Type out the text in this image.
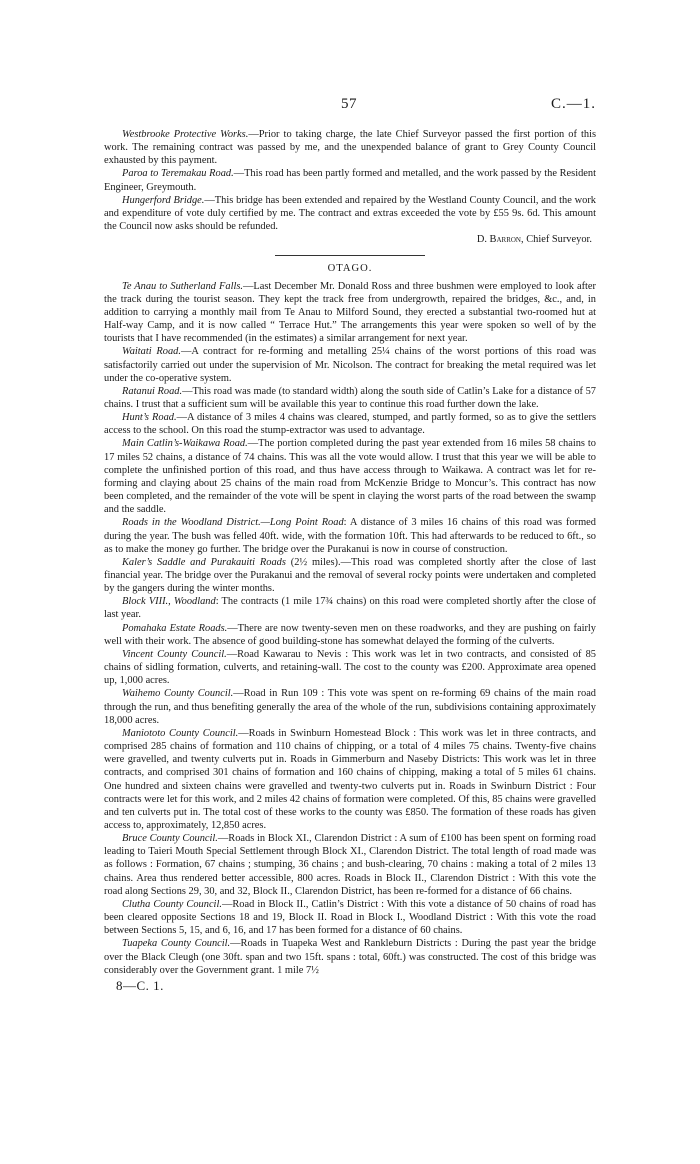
57	C.—1.

Westbrooke Protective Works.—Prior to taking charge, the late Chief Surveyor passed the first portion of this work. The remaining contract was passed by me, and the unexpended balance of grant to Grey County Council exhausted by this payment.

Paroa to Teremakau Road.—This road has been partly formed and metalled, and the work passed by the Resident Engineer, Greymouth.

Hungerford Bridge.—This bridge has been extended and repaired by the Westland County Council, and the work and expenditure of vote duly certified by me. The contract and extras exceeded the vote by £55 9s. 6d. This amount the Council now asks should be refunded.

D. Barron, Chief Surveyor.

OTAGO.

Te Anau to Sutherland Falls.—Last December Mr. Donald Ross and three bushmen were employed to look after the track during the tourist season. They kept the track free from undergrowth, repaired the bridges, &c., and, in addition to carrying a monthly mail from Te Anau to Milford Sound, they erected a substantial two-roomed hut at Half-way Camp, and it is now called “ Terrace Hut.” The arrangements this year were spoken so well of by the tourists that I have recommended (in the estimates) a similar arrangement for next year.

Waitati Road.—A contract for re-forming and metalling 25¼ chains of the worst portions of this road was satisfactorily carried out under the supervision of Mr. Nicolson. The contract for breaking the metal required was let under the co-operative system.

Ratanui Road.—This road was made (to standard width) along the south side of Catlin’s Lake for a distance of 57 chains. I trust that a sufficient sum will be available this year to continue this road further down the lake.

Hunt’s Road.—A distance of 3 miles 4 chains was cleared, stumped, and partly formed, so as to give the settlers access to the school. On this road the stump-extractor was used to advantage.

Main Catlin’s-Waikawa Road.—The portion completed during the past year extended from 16 miles 58 chains to 17 miles 52 chains, a distance of 74 chains. This was all the vote would allow. I trust that this year we will be able to complete the unfinished portion of this road, and thus have access through to Waikawa. A contract was let for re-forming and claying about 25 chains of the main road from McKenzie Bridge to Moncur’s. This contract has now been completed, and the remainder of the vote will be spent in claying the worst parts of the road between the swamp and the saddle.

Roads in the Woodland District.—Long Point Road: A distance of 3 miles 16 chains of this road was formed during the year. The bush was felled 40ft. wide, with the formation 10ft. This had afterwards to be reduced to 6ft., so as to make the money go further. The bridge over the Purakanui is now in course of construction.

Kaler’s Saddle and Purakauiti Roads (2½ miles).—This road was completed shortly after the close of last financial year. The bridge over the Purakanui and the removal of several rocky points were undertaken and completed by the gangers during the winter months.

Block VIII., Woodland: The contracts (1 mile 17¾ chains) on this road were completed shortly after the close of last year.

Pomahaka Estate Roads.—There are now twenty-seven men on these roadworks, and they are pushing on fairly well with their work. The absence of good building-stone has somewhat delayed the forming of the culverts.

Vincent County Council.—Road Kawarau to Nevis : This work was let in two contracts, and consisted of 85 chains of sidling formation, culverts, and retaining-wall. The cost to the county was £200. Approximate area opened up, 1,000 acres.

Waihemo County Council.—Road in Run 109 : This vote was spent on re-forming 69 chains of the main road through the run, and thus benefiting generally the area of the whole of the run, subdivisions containing approximately 18,000 acres.

Maniototo County Council.—Roads in Swinburn Homestead Block : This work was let in three contracts, and comprised 285 chains of formation and 110 chains of chipping, or a total of 4 miles 75 chains. Twenty-five chains were gravelled, and twenty culverts put in. Roads in Gimmerburn and Naseby Districts: This work was let in three contracts, and comprised 301 chains of formation and 160 chains of chipping, making a total of 5 miles 61 chains. One hundred and sixteen chains were gravelled and twenty-two culverts put in. Roads in Swinburn District : Four contracts were let for this work, and 2 miles 42 chains of formation were completed. Of this, 85 chains were gravelled and ten culverts put in. The total cost of these works to the county was £850. The formation of these roads has given access to, approximately, 12,850 acres.

Bruce County Council.—Roads in Block XI., Clarendon District : A sum of £100 has been spent on forming road leading to Taieri Mouth Special Settlement through Block XI., Clarendon District. The total length of road made was as follows : Formation, 67 chains ; stumping, 36 chains ; and bush-clearing, 70 chains : making a total of 2 miles 13 chains. Area thus rendered better accessible, 800 acres. Roads in Block II., Clarendon District : With this vote the road along Sections 29, 30, and 32, Block II., Clarendon District, has been re-formed for a distance of 66 chains.

Clutha County Council.—Road in Block II., Catlin’s District : With this vote a distance of 50 chains of road has been cleared opposite Sections 18 and 19, Block II. Road in Block I., Woodland District : With this vote the road between Sections 5, 15, and 6, 16, and 17 has been formed for a distance of 60 chains.

Tuapeka County Council.—Roads in Tuapeka West and Rankleburn Districts : During the past year the bridge over the Black Cleugh (one 30ft. span and two 15ft. spans : total, 60ft.) was constructed. The cost of this bridge was considerably over the Government grant. 1 mile 7½

8—C. 1.
